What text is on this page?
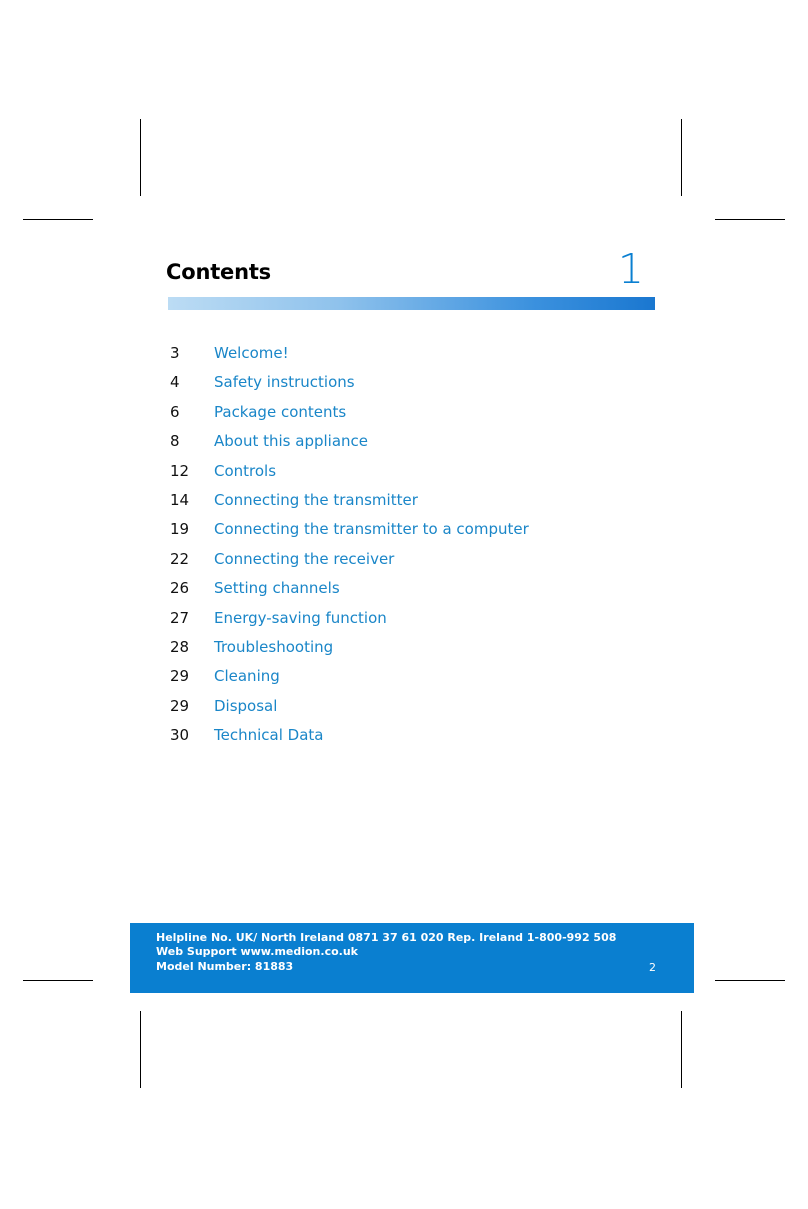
Contents	1
3 Welcome!
4 Safety instructions
6 Package contents
8 About this appliance
12 Controls
14 Connecting the transmitter
19 Connecting the transmitter to a computer
22 Connecting the receiver
26 Setting channels
27 Energy-saving function
28 Troubleshooting
29 Cleaning
29 Disposal
30 Technical Data
Helpline No. UK/ North Ireland 0871 37 61 020 Rep. Ireland 1-800-992 508
Web Support www.medion.co.uk
Model Number: 81883	2
